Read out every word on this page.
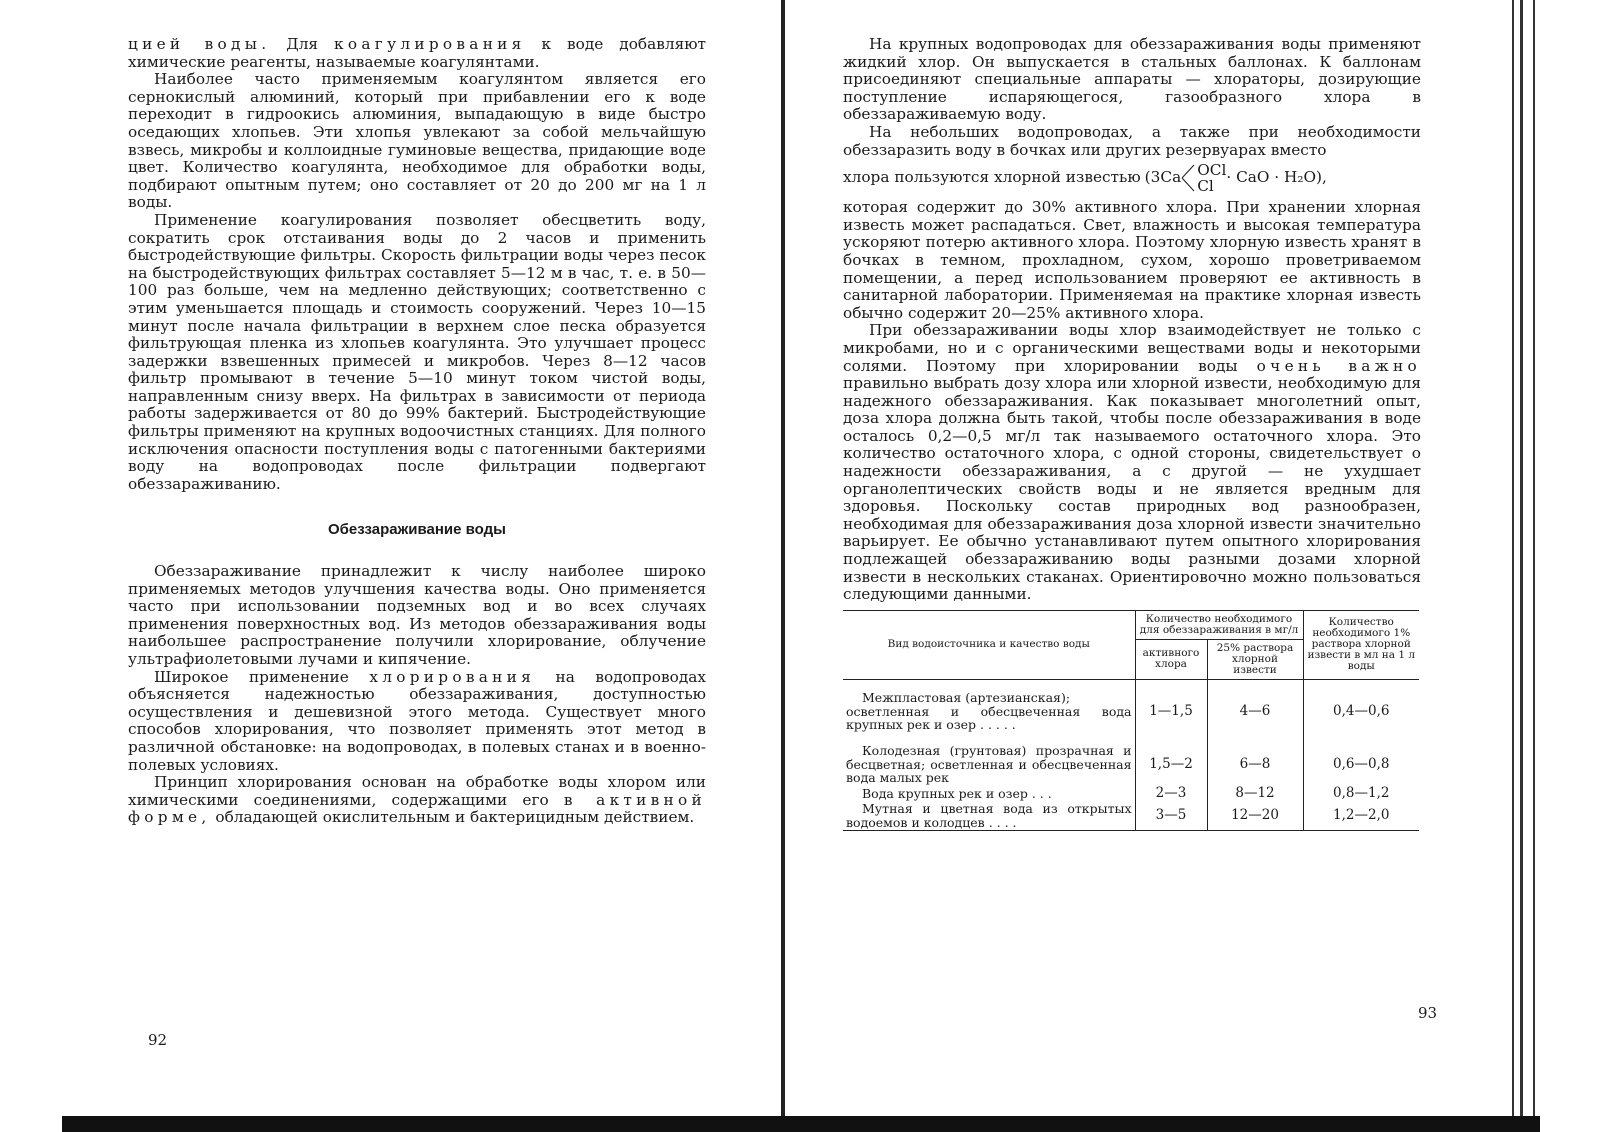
цией воды. Для коагулирования к воде добавляют химические реагенты, называемые коагулянтами.

Наиболее часто применяемым коагулянтом является его сернокислый алюминий, который при прибавлении его к воде переходит в гидроокись алюминия, выпадающую в виде быстро оседающих хлопьев. Эти хлопья увлекают за собой мельчайшую взвесь, микробы и коллоидные гуминовые вещества, придающие воде цвет. Количество коагулянта, необходимое для обработки воды, подбирают опытным путем; оно составляет от 20 до 200 мг на 1 л воды.

Применение коагулирования позволяет обесцветить воду, сократить срок отстаивания воды до 2 часов и применить быстродействующие фильтры. Скорость фильтрации воды через песок на быстродействующих фильтрах составляет 5—12 м в час, т. е. в 50—100 раз больше, чем на медленно действующих; соответственно с этим уменьшается площадь и стоимость сооружений. Через 10—15 минут после начала фильтрации в верхнем слое песка образуется фильтрующая пленка из хлопьев коагулянта. Это улучшает процесс задержки взвешенных примесей и микробов. Через 8—12 часов фильтр промывают в течение 5—10 минут током чистой воды, направленным снизу вверх. На фильтрах в зависимости от периода работы задерживается от 80 до 99% бактерий. Быстродействующие фильтры применяют на крупных водоочистных станциях. Для полного исключения опасности поступления воды с патогенными бактериями воду на водопроводах после фильтрации подвергают обеззараживанию.

Обеззараживание воды

Обеззараживание принадлежит к числу наиболее широко применяемых методов улучшения качества воды. Оно применяется часто при использовании подземных вод и во всех случаях применения поверхностных вод. Из методов обеззараживания воды наибольшее распространение получили хлорирование, облучение ультрафиолетовыми лучами и кипячение.

Широкое применение хлорирования на водопроводах объясняется надежностью обеззараживания, доступностью осуществления и дешевизной этого метода. Существует много способов хлорирования, что позволяет применять этот метод в различной обстановке: на водопроводах, в полевых станах и в военно-полевых условиях.

Принцип хлорирования основан на обработке воды хлором или химическими соединениями, содержащими его в активной форме, обладающей окислительным и бактерицидным действием.

92

На крупных водопроводах для обеззараживания воды применяют жидкий хлор. Он выпускается в стальных баллонах. К баллонам присоединяют специальные аппараты — хлораторы, дозирующие поступление испаряющегося, газообразного хлора в обеззараживаемую воду.

На небольших водопроводах, а также при необходимости обеззаразить воду в бочках или других резервуарах вместо

хлора пользуются хлорной известью (3Ca OCl
Cl · CaO · H₂O),

которая содержит до 30% активного хлора. При хранении хлорная известь может распадаться. Свет, влажность и высокая температура ускоряют потерю активного хлора. Поэтому хлорную известь хранят в бочках в темном, прохладном, сухом, хорошо проветриваемом помещении, а перед использованием проверяют ее активность в санитарной лаборатории. Применяемая на практике хлорная известь обычно содержит 20—25% активного хлора.

При обеззараживании воды хлор взаимодействует не только с микробами, но и с органическими веществами воды и некоторыми солями. Поэтому при хлорировании воды очень важно правильно выбрать дозу хлора или хлорной извести, необходимую для надежного обеззараживания. Как показывает многолетний опыт, доза хлора должна быть такой, чтобы после обеззараживания в воде осталось 0,2—0,5 мг/л так называемого остаточного хлора. Это количество остаточного хлора, с одной стороны, свидетельствует о надежности обеззараживания, а с другой — не ухудшает органолептических свойств воды и не является вредным для здоровья. Поскольку состав природных вод разнообразен, необходимая для обеззараживания доза хлорной извести значительно варьирует. Ее обычно устанавливают путем опытного хлорирования подлежащей обеззараживанию воды разными дозами хлорной извести в нескольких стаканах. Ориентировочно можно пользоваться следующими данными.

Вид водоисточника и качество воды	Количество необходимого для обеззараживания в мг/л		Количество необходимого 1% раствора хлорной извести в мл на 1 л воды
	активного хлора	25% раствора хлорной извести	

Межпластовая (артезианская);
осветленная и обесцвеченная вода крупных рек и озер . . . . .	1—1,5	4—6	0,4—0,6

Колодезная (грунтовая) прозрачная и бесцветная; осветленная и обесцвеченная вода малых рек	1,5—2	6—8	0,6—0,8

Вода крупных рек и озер . . .	2—3	8—12	0,8—1,2

Мутная и цветная вода из открытых водоемов и колодцев . . . .	3—5	12—20	1,2—2,0
93
